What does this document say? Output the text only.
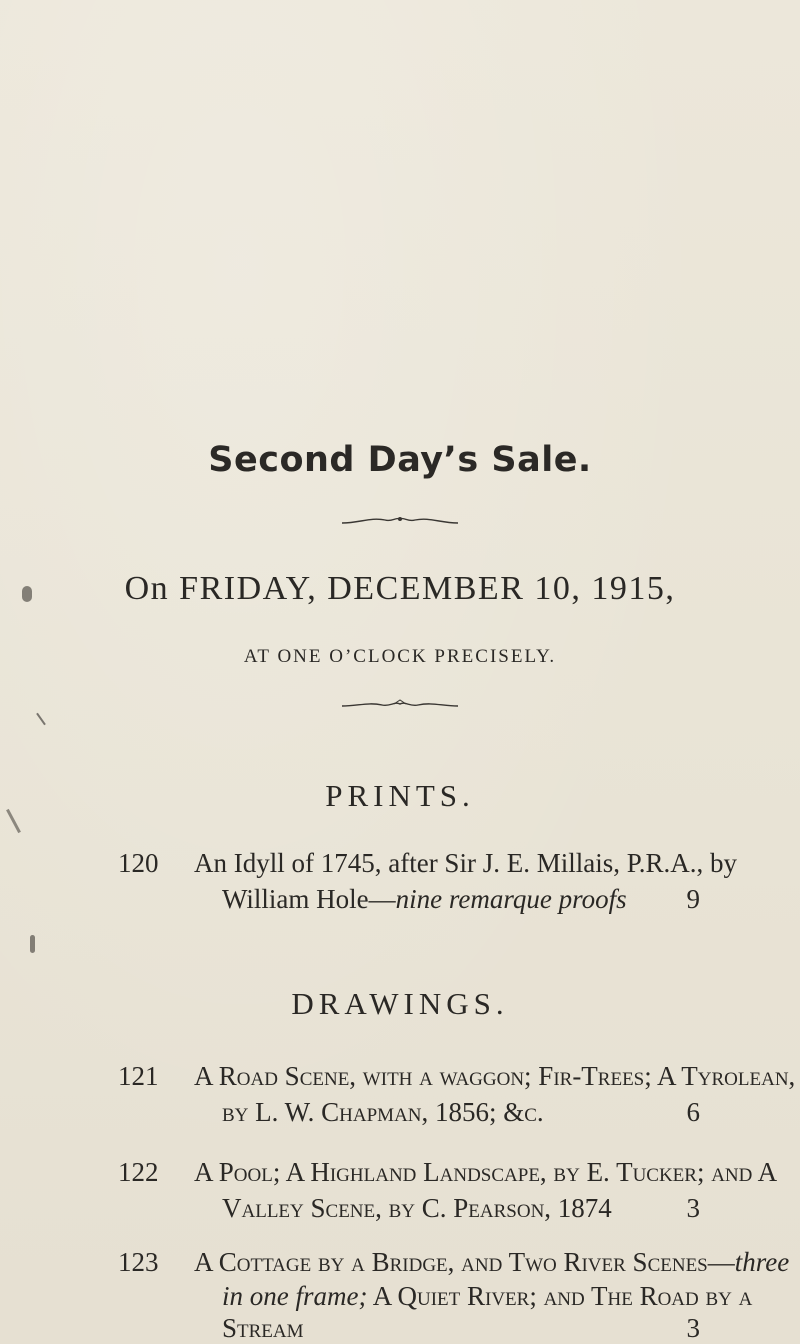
Second Day’s Sale.
On FRIDAY, DECEMBER 10, 1915,
AT ONE O’CLOCK PRECISELY.
PRINTS.
120 An Idyll of 1745, after Sir J. E. Millais, P.R.A., by
William Hole—nine remarque proofs 9
DRAWINGS.
121 A Road Scene, with a waggon; Fir-Trees; A Tyrolean,
by L. W. Chapman, 1856; &c.	6
122 A Pool; A Highland Landscape, by E. Tucker; and A
Valley Scene, by C. Pearson, 1874	3
123 A Cottage by a Bridge, and Two River Scenes—three
in one frame; A Quiet River; and The Road by a
Stream	3
